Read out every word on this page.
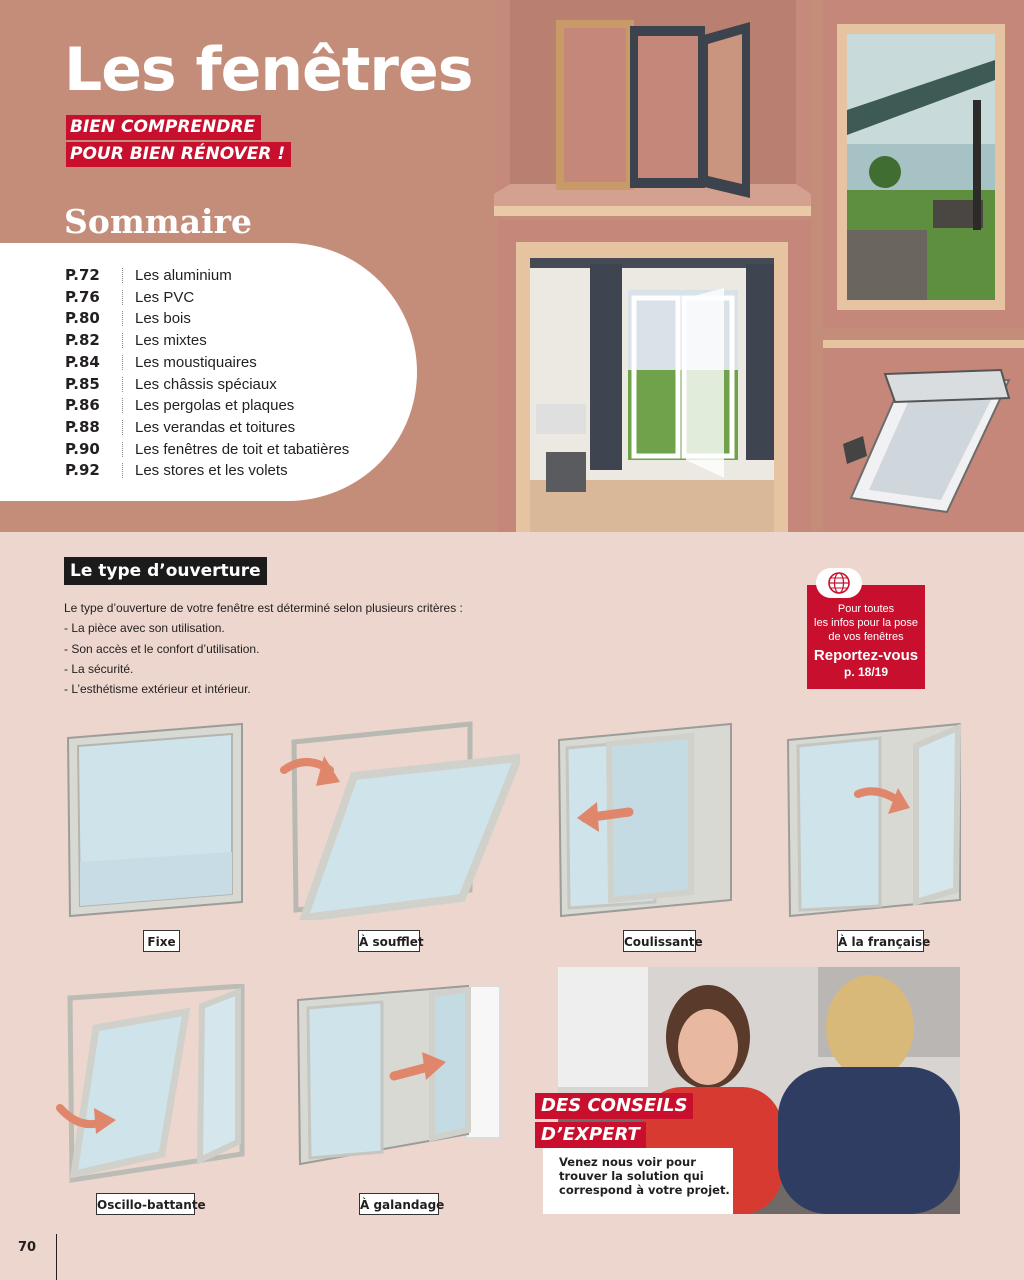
Les fenêtres
BIEN COMPRENDRE
POUR BIEN RÉNOVER !
Sommaire
P.72 Les aluminium
P.76 Les PVC
P.80 Les bois
P.82 Les mixtes
P.84 Les moustiquaires
P.85 Les châssis spéciaux
P.86 Les pergolas et plaques
P.88 Les verandas et toitures
P.90 Les fenêtres de toit et tabatières
P.92 Les stores et les volets
Le type d’ouverture
Le type d’ouverture de votre fenêtre est déterminé selon plusieurs critères :
- La pièce avec son utilisation.
- Son accès et le confort d’utilisation.
- La sécurité.
- L’esthétisme extérieur et intérieur.
Pour toutes
les infos pour la pose
de vos fenêtres
Reportez-vous
p. 18/19
Fixe	À soufflet	Coulissante	À la française
Oscillo-battante	À galandage
DES CONSEILS
D’EXPERT
Venez nous voir pour trouver la solution qui correspond à votre projet.
70
